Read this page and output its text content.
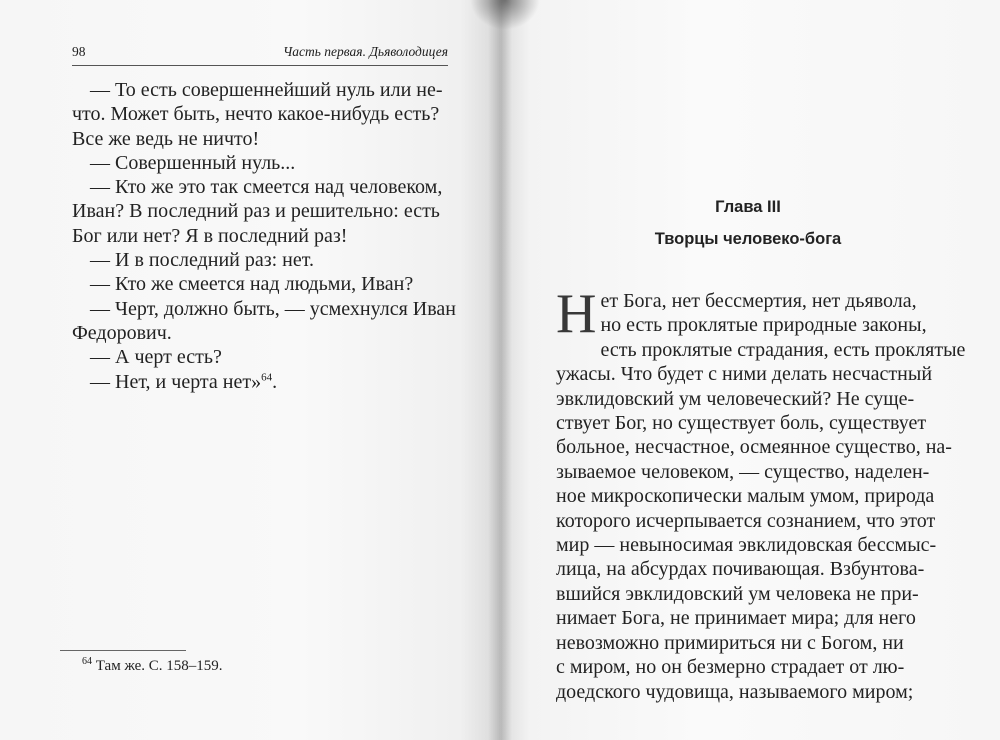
98	Часть первая. Дьяволодицея
— То есть совершеннейший нуль или не-
что. Может быть, нечто какое-нибудь есть?
Все же ведь не ничто!
— Совершенный нуль...
— Кто же это так смеется над человеком,
Иван? В последний раз и решительно: есть
Бог или нет? Я в последний раз!
— И в последний раз: нет.
— Кто же смеется над людьми, Иван?
— Черт, должно быть, — усмехнулся Иван
Федорович.
— А черт есть?
— Нет, и черта нет»$^{64}$.
$^{64}$ Там же. С. 158–159.
Глава III
Творцы человеко-бога
Н ет Бога, нет бессмертия, нет дьявола,
но есть проклятые природные законы,
есть проклятые страдания, есть проклятые
ужасы. Что будет с ними делать несчастный
эвклидовский ум человеческий? Не суще-
ствует Бог, но существует боль, существует
больное, несчастное, осмеянное существо, на-
зываемое человеком, — существо, наделен-
ное микроскопически малым умом, природа
которого исчерпывается сознанием, что этот
мир — невыносимая эвклидовская бессмыс-
лица, на абсурдах почивающая. Взбунтова-
вшийся эвклидовский ум человека не при-
нимает Бога, не принимает мира; для него
невозможно примириться ни с Богом, ни
с миром, но он безмерно страдает от лю-
доедского чудовища, называемого миром;
